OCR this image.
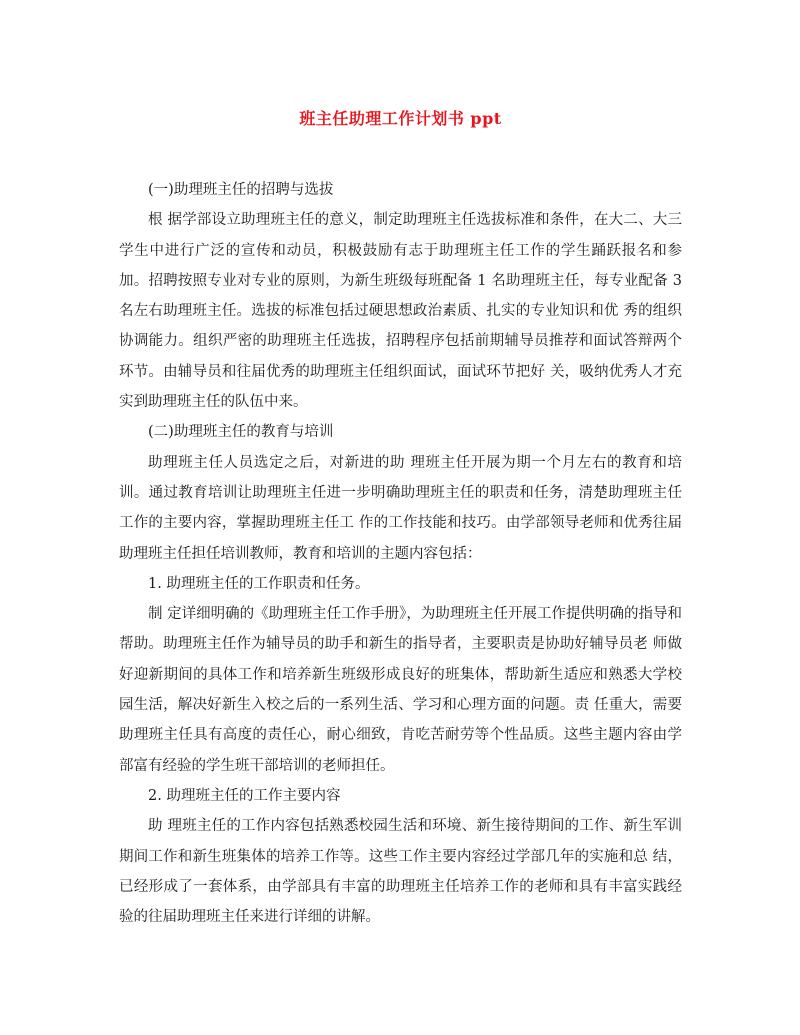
班主任助理工作计划书 ppt

(一)助理班主任的招聘与选拔

根 据学部设立助理班主任的意义，制定助理班主任选拔标准和条件，在大二、大三学生中进行广泛的宣传和动员，积极鼓励有志于助理班主任工作的学生踊跃报名和参 加。招聘按照专业对专业的原则，为新生班级每班配备 1 名助理班主任，每专业配备 3 名左右助理班主任。选拔的标准包括过硬思想政治素质、扎实的专业知识和优 秀的组织协调能力。组织严密的助理班主任选拔，招聘程序包括前期辅导员推荐和面试答辩两个环节。由辅导员和往届优秀的助理班主任组织面试，面试环节把好 关，吸纳优秀人才充实到助理班主任的队伍中来。

(二)助理班主任的教育与培训

助理班主任人员选定之后，对新进的助 理班主任开展为期一个月左右的教育和培训。通过教育培训让助理班主任进一步明确助理班主任的职责和任务，清楚助理班主任工作的主要内容，掌握助理班主任工 作的工作技能和技巧。由学部领导老师和优秀往届助理班主任担任培训教师，教育和培训的主题内容包括：

1. 助理班主任的工作职责和任务。

制 定详细明确的《助理班主任工作手册》，为助理班主任开展工作提供明确的指导和帮助。助理班主任作为辅导员的助手和新生的指导者，主要职责是协助好辅导员老 师做好迎新期间的具体工作和培养新生班级形成良好的班集体，帮助新生适应和熟悉大学校园生活，解决好新生入校之后的一系列生活、学习和心理方面的问题。责 任重大，需要助理班主任具有高度的责任心，耐心细致，肯吃苦耐劳等个性品质。这些主题内容由学部富有经验的学生班干部培训的老师担任。

2. 助理班主任的工作主要内容

助 理班主任的工作内容包括熟悉校园生活和环境、新生接待期间的工作、新生军训期间工作和新生班集体的培养工作等。这些工作主要内容经过学部几年的实施和总 结，已经形成了一套体系，由学部具有丰富的助理班主任培养工作的老师和具有丰富实践经验的往届助理班主任来进行详细的讲解。
